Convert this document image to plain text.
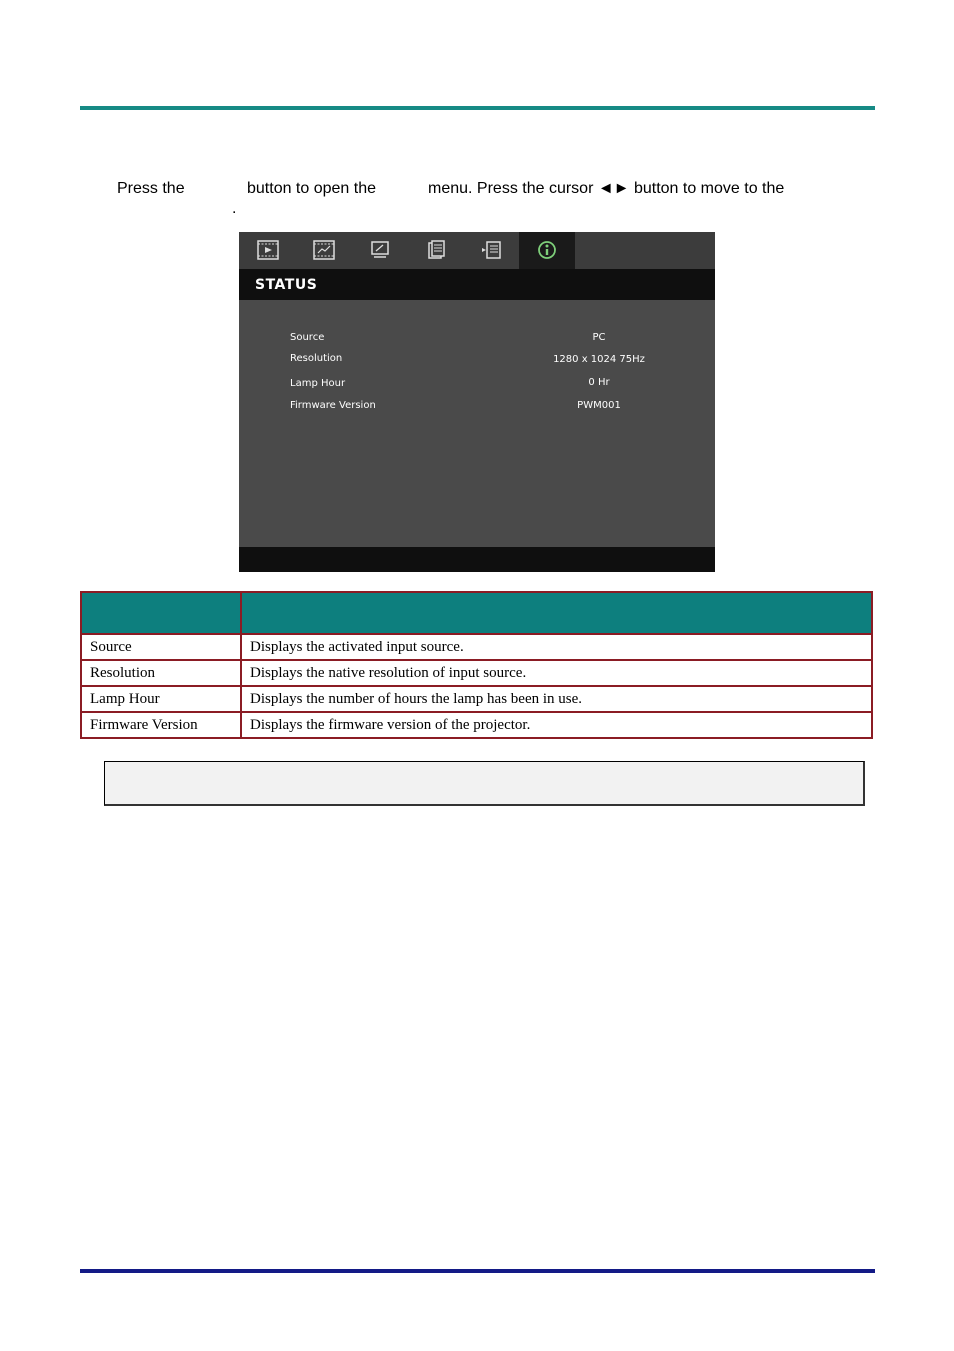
Press the	button to open the	menu. Press the cursor ◄► button to move to the
.
STATUS
Source	PC
Resolution	1280 x 1024 75Hz
Lamp Hour	0 Hr
Firmware Version	PWM001

Source	Displays the activated input source.
Resolution	Displays the native resolution of input source.
Lamp Hour	Displays the number of hours the lamp has been in use.
Firmware Version	Displays the firmware version of the projector.
